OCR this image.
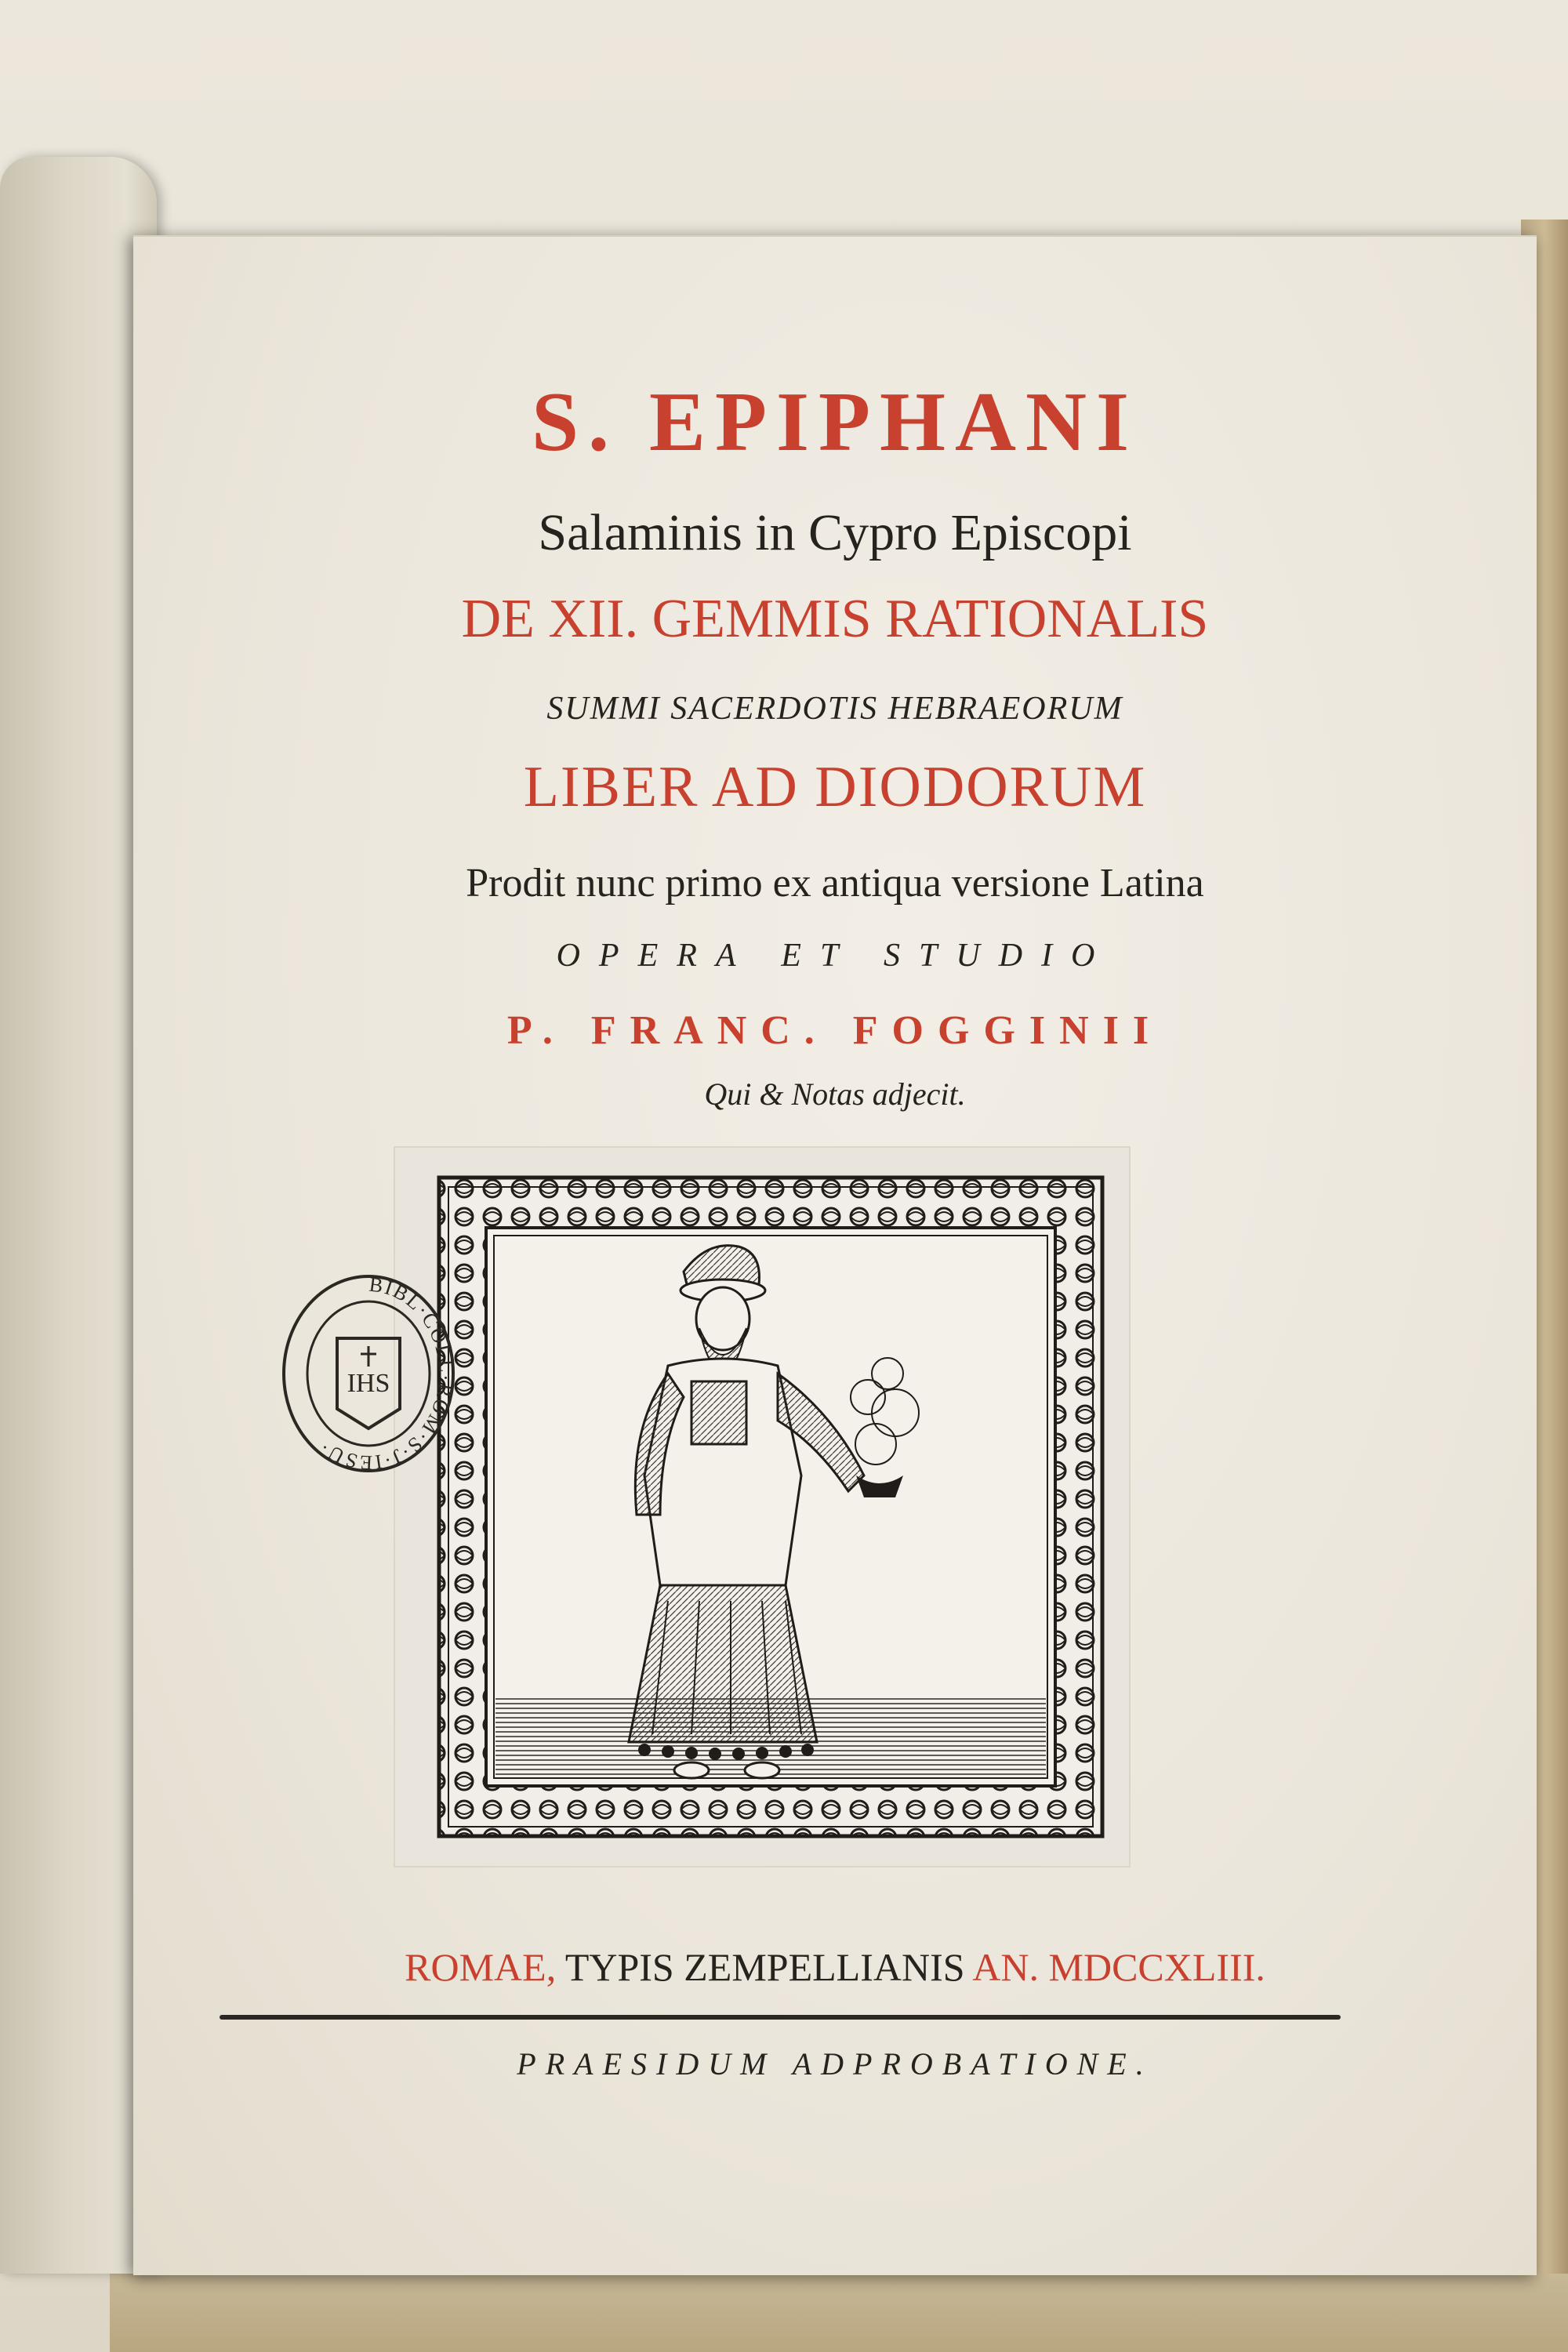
S. EPIPHANI
Salaminis in Cypro Episcopi
DE XII. GEMMIS RATIONALIS
SUMMI SACERDOTIS HEBRAEORUM
LIBER AD DIODORUM
Prodit nunc primo ex antiqua versione Latina
OPERA ET STUDIO
P. FRANC. FOGGINII
Qui & Notas adjecit.
BIBL·COLL·ROM·S·J·IESU·
IHS
ROMAE, TYPIS ZEMPELLIANIS AN. MDCCXLIII.
PRAESIDUM ADPROBATIONE.
